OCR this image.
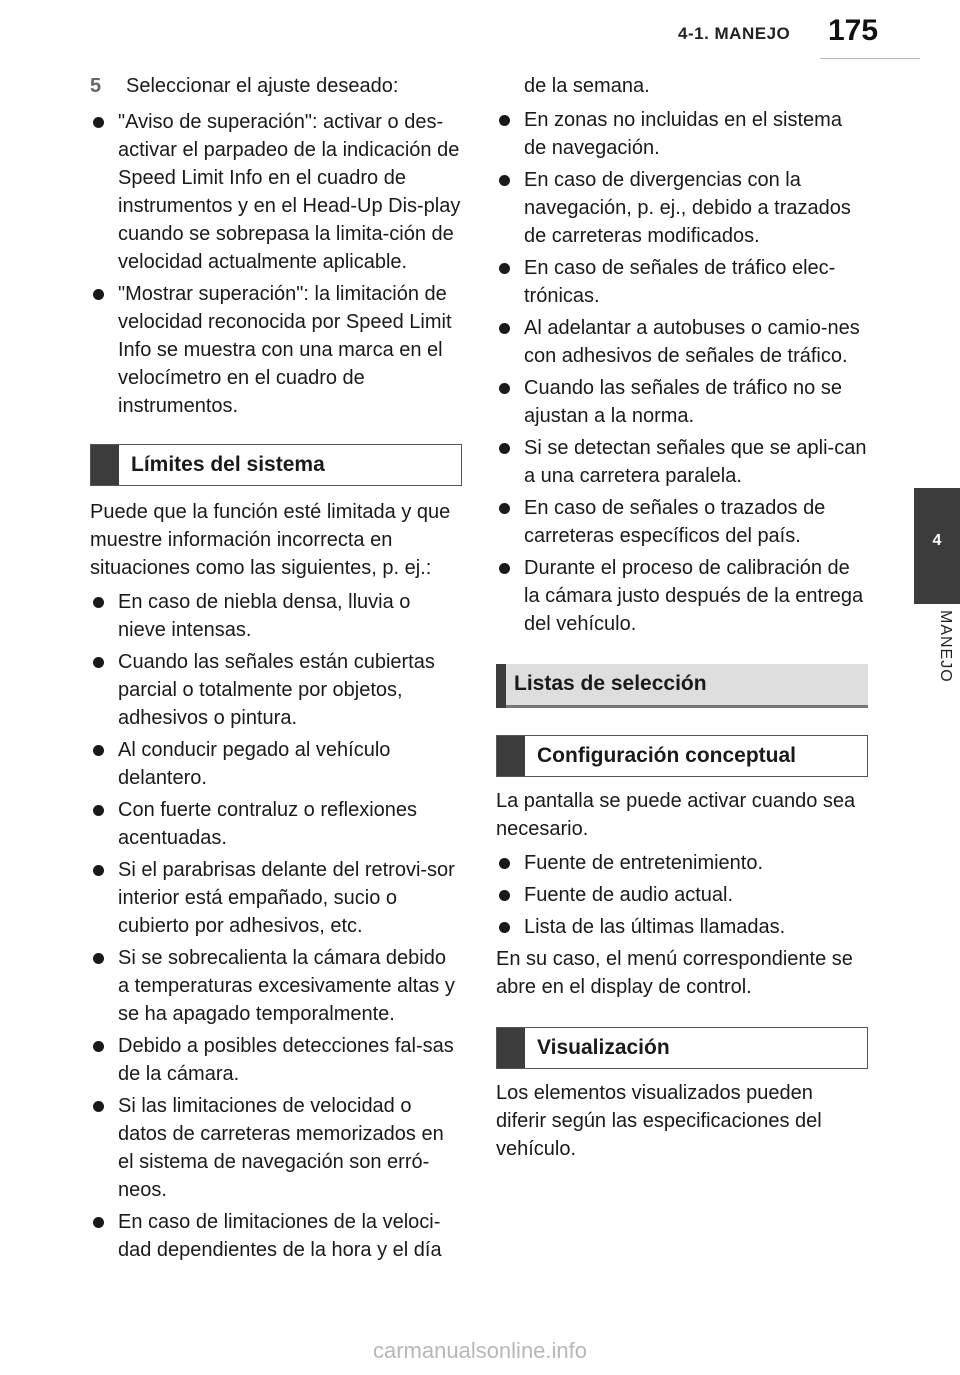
4-1. MANEJO 175
4
MANEJO
5	Seleccionar el ajuste deseado:
"Aviso de superación": activar o des-activar el parpadeo de la indicación de Speed Limit Info en el cuadro de instrumentos y en el Head-Up Dis-play cuando se sobrepasa la limita-ción de velocidad actualmente aplicable.
"Mostrar superación": la limitación de velocidad reconocida por Speed Limit Info se muestra con una marca en el velocímetro en el cuadro de instrumentos.
Límites del sistema

Puede que la función esté limitada y que muestre información incorrecta en situaciones como las siguientes, p. ej.:

En caso de niebla densa, lluvia o nieve intensas.
Cuando las señales están cubiertas parcial o totalmente por objetos, adhesivos o pintura.
Al conducir pegado al vehículo delantero.
Con fuerte contraluz o reflexiones acentuadas.
Si el parabrisas delante del retrovi-sor interior está empañado, sucio o cubierto por adhesivos, etc.
Si se sobrecalienta la cámara debido a temperaturas excesivamente altas y se ha apagado temporalmente.
Debido a posibles detecciones fal-sas de la cámara.
Si las limitaciones de velocidad o datos de carreteras memorizados en el sistema de navegación son erró-neos.
En caso de limitaciones de la veloci-dad dependientes de la hora y el día

de la semana.

En zonas no incluidas en el sistema de navegación.
En caso de divergencias con la navegación, p. ej., debido a trazados de carreteras modificados.
En caso de señales de tráfico elec-trónicas.
Al adelantar a autobuses o camio-nes con adhesivos de señales de tráfico.
Cuando las señales de tráfico no se ajustan a la norma.
Si se detectan señales que se apli-can a una carretera paralela.
En caso de señales o trazados de carreteras específicos del país.
Durante el proceso de calibración de la cámara justo después de la entrega del vehículo.
Listas de selección
Configuración conceptual

La pantalla se puede activar cuando sea necesario.

Fuente de entretenimiento.
Fuente de audio actual.
Lista de las últimas llamadas.

En su caso, el menú correspondiente se abre en el display de control.

Visualización

Los elementos visualizados pueden diferir según las especificaciones del vehículo.

carmanualsonline.info
